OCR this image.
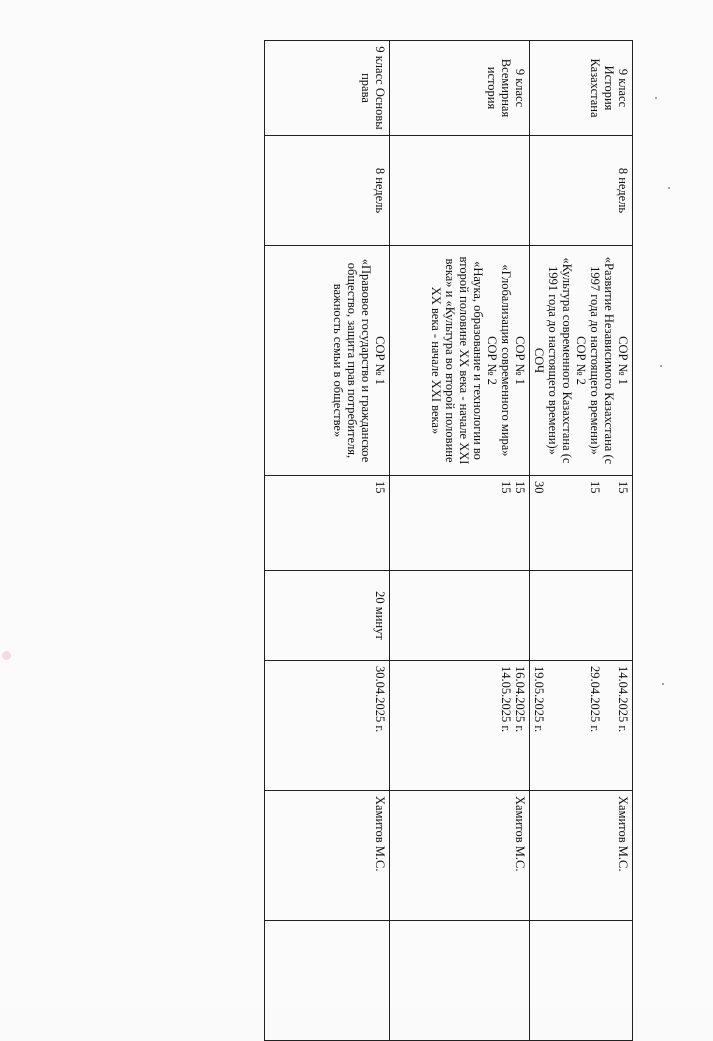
9 класс История Казахстана	8 недель	СОР № 1
«Развитие Независимого Казахстана (с 1997 года до настоящего времени)»
СОР № 2
«Культура современного Казахстана (с 1991 года до настоящего времени)»
СОЧ	15
15
30		14.04.2025 г.
29.04.2025 г.
19.05.2025 г.	Хамитов М.С.	
9 класс Всемирная история		СОР № 1
«Глобализация современного мира»
СОР № 2
«Наука, образование и технологии во второй половине XX века - начале XXI века» и «Культура во второй половине XX века - начале XXI века»	15
15		16.04.2025 г.
14.05.2025 г.	Хамитов М.С.	
9 класс Основы права	8 недель	СОР № 1
«Правовое государство и гражданское общество, защита прав потребителя, важность семьи в обществе»	15	20 минут	30.04.2025 г.	Хамитов М.С.	
